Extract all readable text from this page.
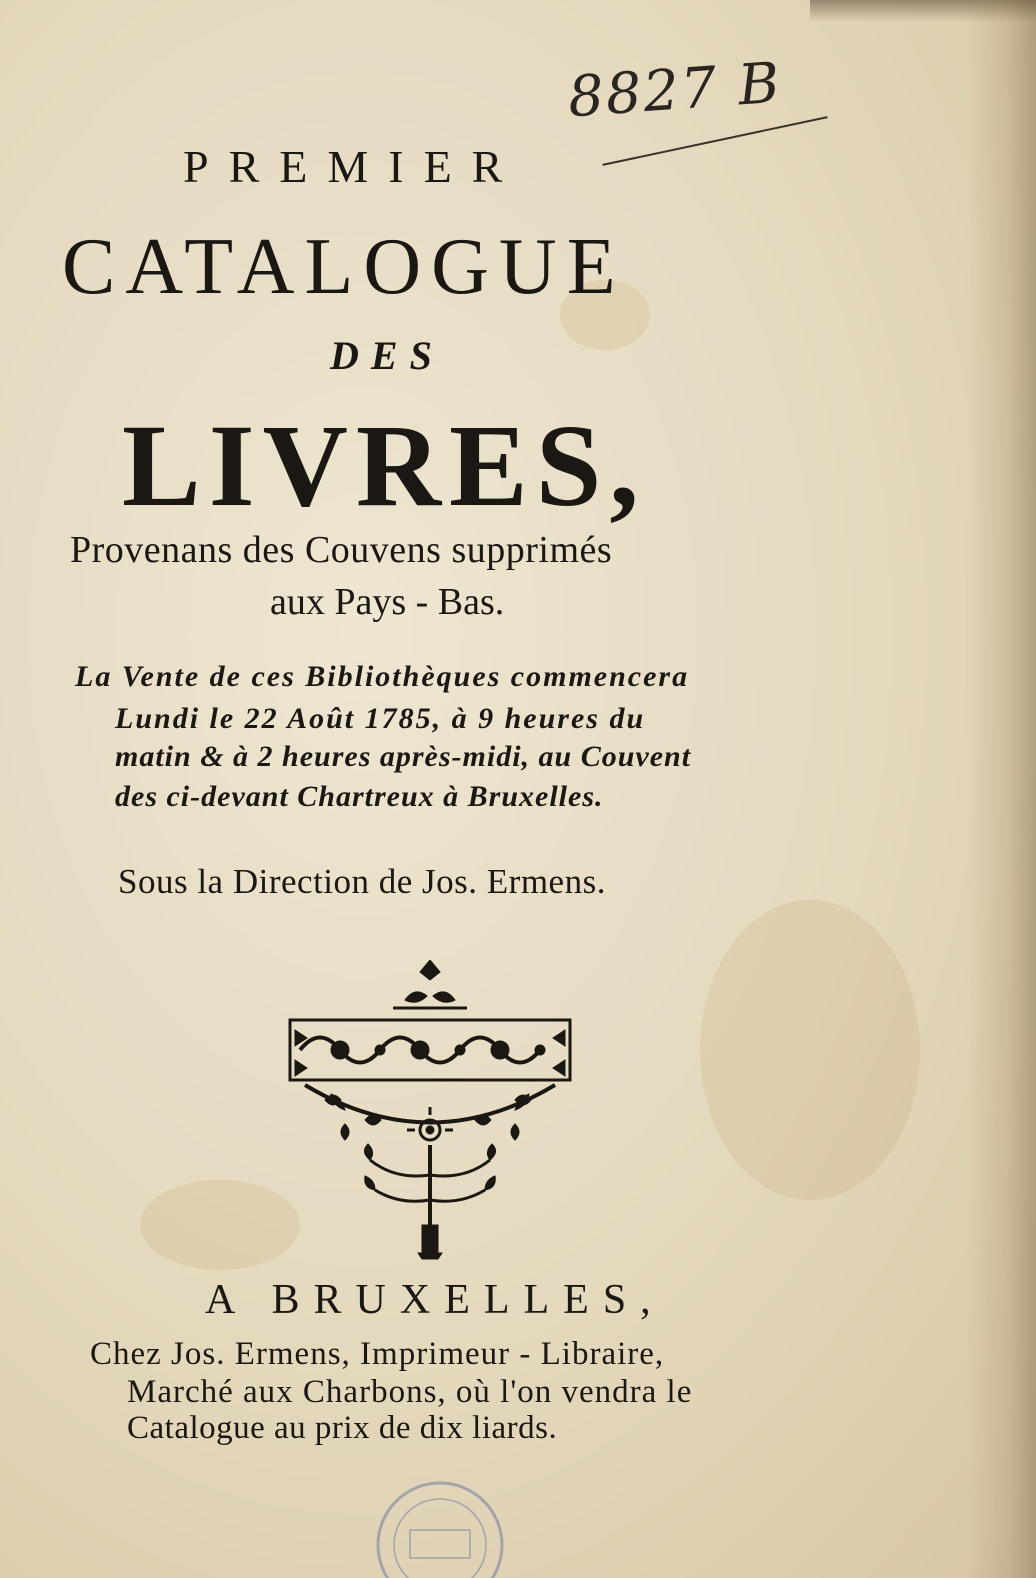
8827 B

PREMIER

CATALOGUE

DES

LIVRES,

Provenans des Couvens supprimés

aux Pays - Bas.

La Vente de ces Bibliothèques commencera

Lundi le 22 Août 1785, à 9 heures du

matin & à 2 heures après-midi, au Couvent

des ci-devant Chartreux à Bruxelles.

Sous la Direction de Jos. Ermens.

A BRUXELLES,

Chez Jos. Ermens, Imprimeur - Libraire,

Marché aux Charbons, où l'on vendra le

Catalogue au prix de dix liards.
